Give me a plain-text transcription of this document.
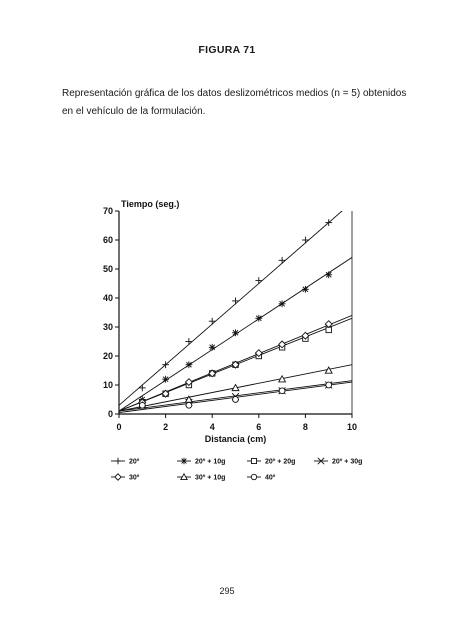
FIGURA 71
Representación gráfica de los datos deslizométricos medios (n = 5) obtenidos en el vehículo de la formulación.
0
10
20
30
40
50
60
70
0	2	4	6	8	10
Tiempo (seg.)
Distancia (cm)
20º	20º + 10g	20º + 20g	20º + 30g
30º	30º + 10g	40º
295
